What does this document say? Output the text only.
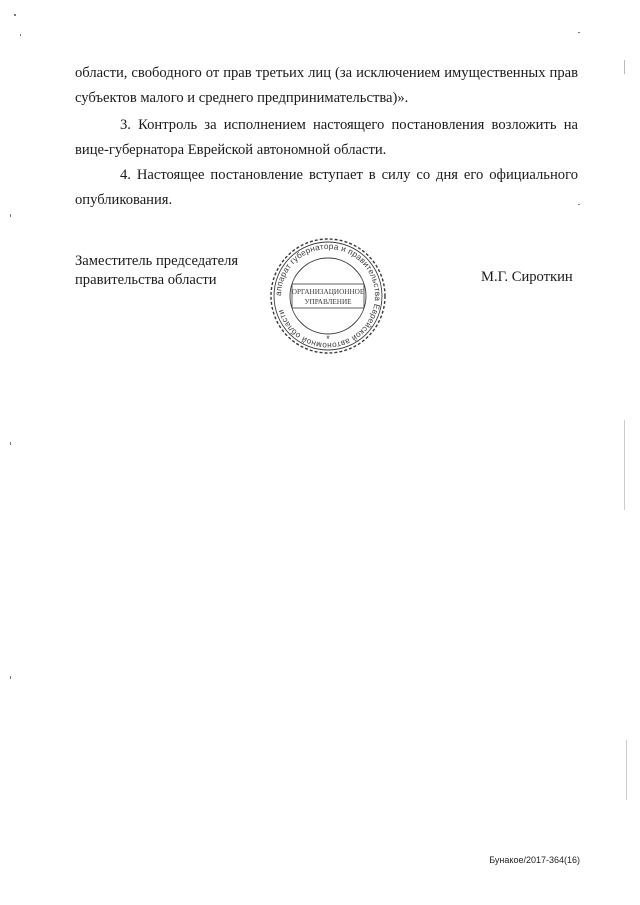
области, свободного от прав третьих лиц (за исключением имущественных прав субъектов малого и среднего предпринимательства)».

3. Контроль за исполнением настоящего постановления возложить на вице-губернатора Еврейской автономной области.

4. Настоящее постановление вступает в силу со дня его официального опубликования.

Заместитель председателя
правительства области	М.Г. Сироткин
аппарат губернатора и правительства Еврейской автономной области
ОРГАНИЗАЦИОННОЕ
УПРАВЛЕНИЕ
*
Бунакое/2017-364(16)
